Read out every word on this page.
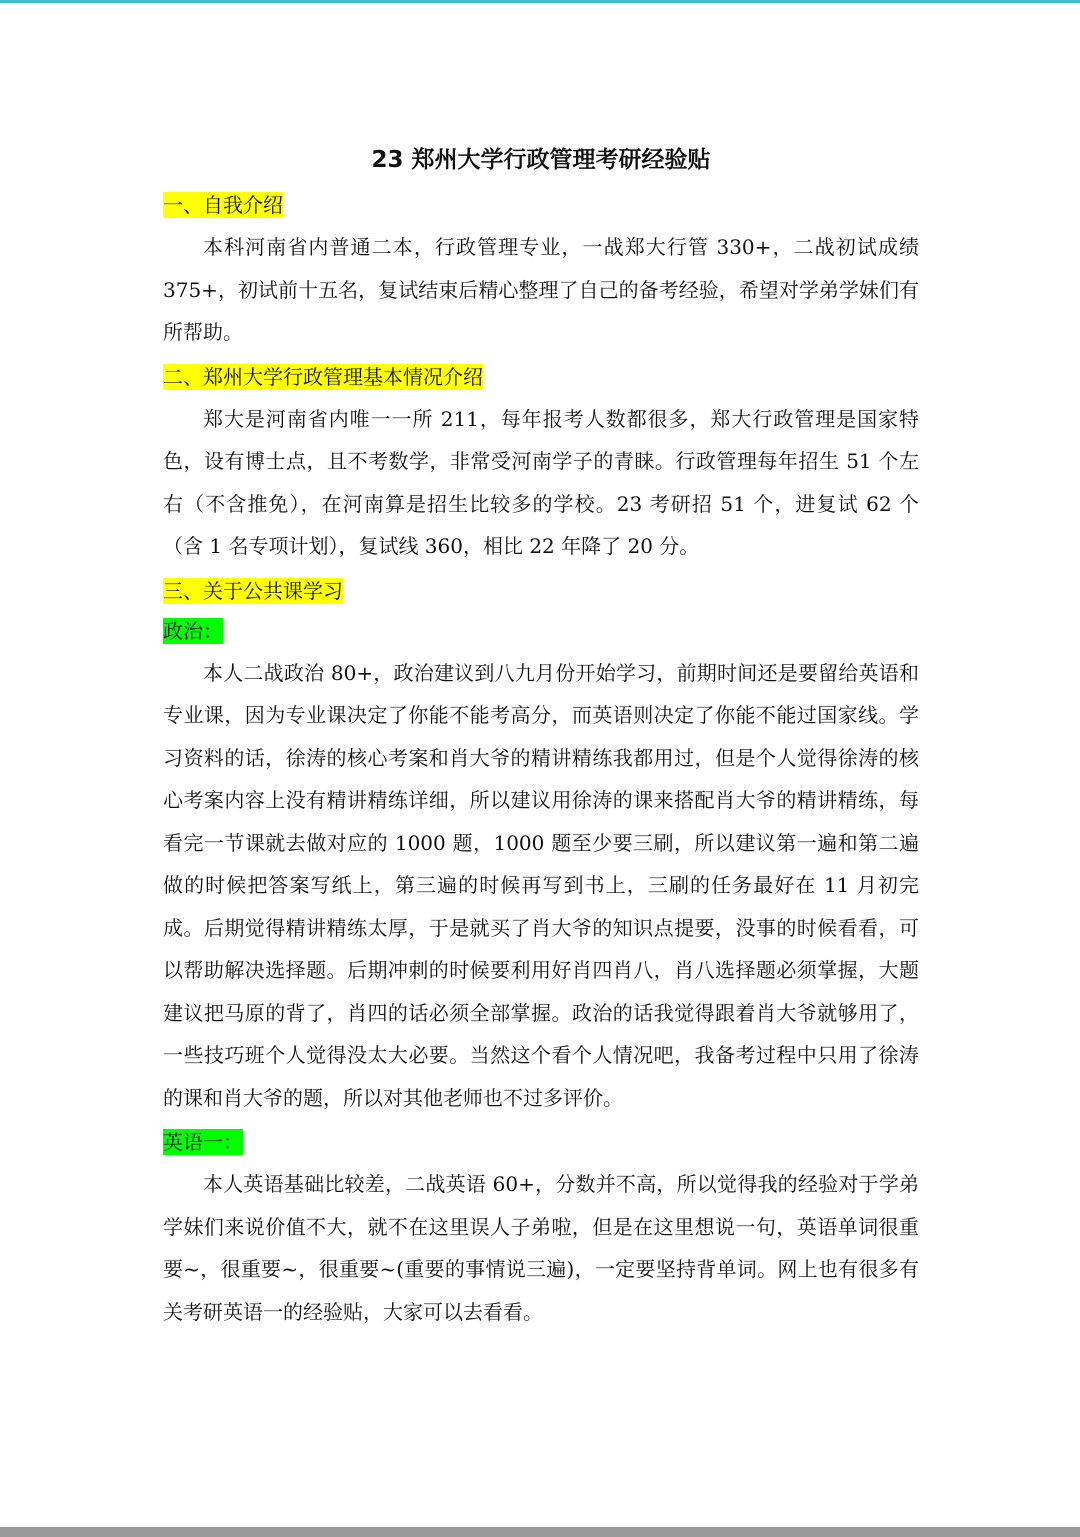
23 郑州大学行政管理考研经验贴
一、自我介绍

本科河南省内普通二本，行政管理专业，一战郑大行管 330+，二战初试成绩 375+，初试前十五名，复试结束后精心整理了自己的备考经验，希望对学弟学妹们有所帮助。

二、郑州大学行政管理基本情况介绍

郑大是河南省内唯一一所 211，每年报考人数都很多，郑大行政管理是国家特色，设有博士点，且不考数学，非常受河南学子的青睐。行政管理每年招生 51 个左右（不含推免），在河南算是招生比较多的学校。23 考研招 51 个，进复试 62 个（含 1 名专项计划），复试线 360，相比 22 年降了 20 分。

三、关于公共课学习
政治：

本人二战政治 80+，政治建议到八九月份开始学习，前期时间还是要留给英语和专业课，因为专业课决定了你能不能考高分，而英语则决定了你能不能过国家线。学习资料的话，徐涛的核心考案和肖大爷的精讲精练我都用过，但是个人觉得徐涛的核心考案内容上没有精讲精练详细，所以建议用徐涛的课来搭配肖大爷的精讲精练，每看完一节课就去做对应的 1000 题，1000 题至少要三刷，所以建议第一遍和第二遍做的时候把答案写纸上，第三遍的时候再写到书上，三刷的任务最好在 11 月初完成。后期觉得精讲精练太厚，于是就买了肖大爷的知识点提要，没事的时候看看，可以帮助解决选择题。后期冲刺的时候要利用好肖四肖八，肖八选择题必须掌握，大题建议把马原的背了，肖四的话必须全部掌握。政治的话我觉得跟着肖大爷就够用了，一些技巧班个人觉得没太大必要。当然这个看个人情况吧，我备考过程中只用了徐涛的课和肖大爷的题，所以对其他老师也不过多评价。

英语一：

本人英语基础比较差，二战英语 60+，分数并不高，所以觉得我的经验对于学弟学妹们来说价值不大，就不在这里误人子弟啦，但是在这里想说一句，英语单词很重要~，很重要~，很重要~(重要的事情说三遍)，一定要坚持背单词。网上也有很多有关考研英语一的经验贴，大家可以去看看。
